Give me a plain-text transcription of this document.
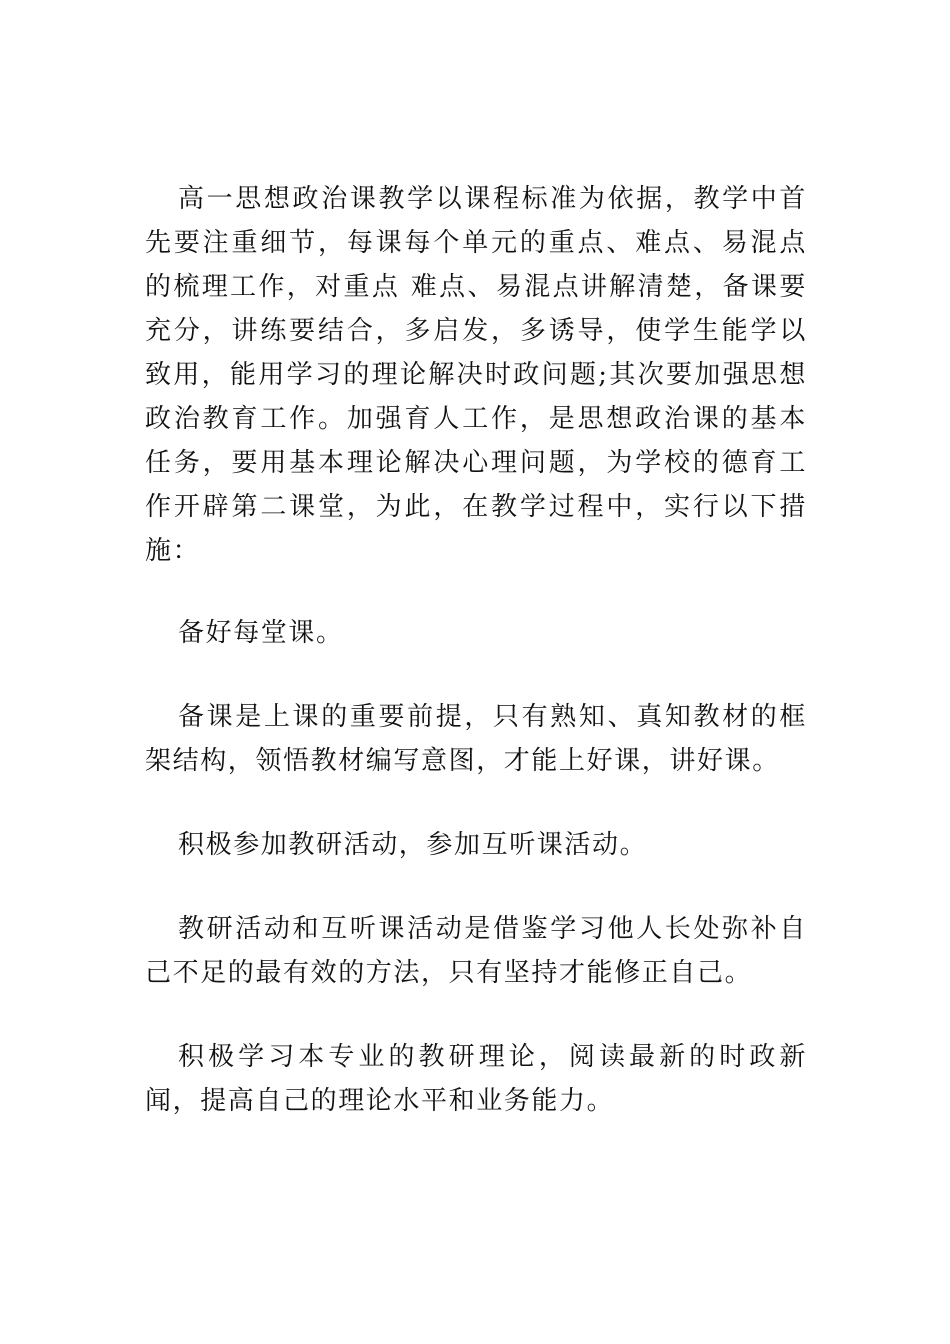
高一思想政治课教学以课程标准为依据，教学中首先要注重细节，每课每个单元的重点、难点、易混点的梳理工作，对重点 难点、易混点讲解清楚，备课要充分，讲练要结合，多启发，多诱导，使学生能学以致用，能用学习的理论解决时政问题;其次要加强思想政治教育工作。加强育人工作，是思想政治课的基本任务，要用基本理论解决心理问题，为学校的德育工作开辟第二课堂，为此，在教学过程中，实行以下措施：

备好每堂课。

备课是上课的重要前提，只有熟知、真知教材的框架结构，领悟教材编写意图，才能上好课，讲好课。

积极参加教研活动，参加互听课活动。

教研活动和互听课活动是借鉴学习他人长处弥补自己不足的最有效的方法，只有坚持才能修正自己。

积极学习本专业的教研理论，阅读最新的时政新闻，提高自己的理论水平和业务能力。
